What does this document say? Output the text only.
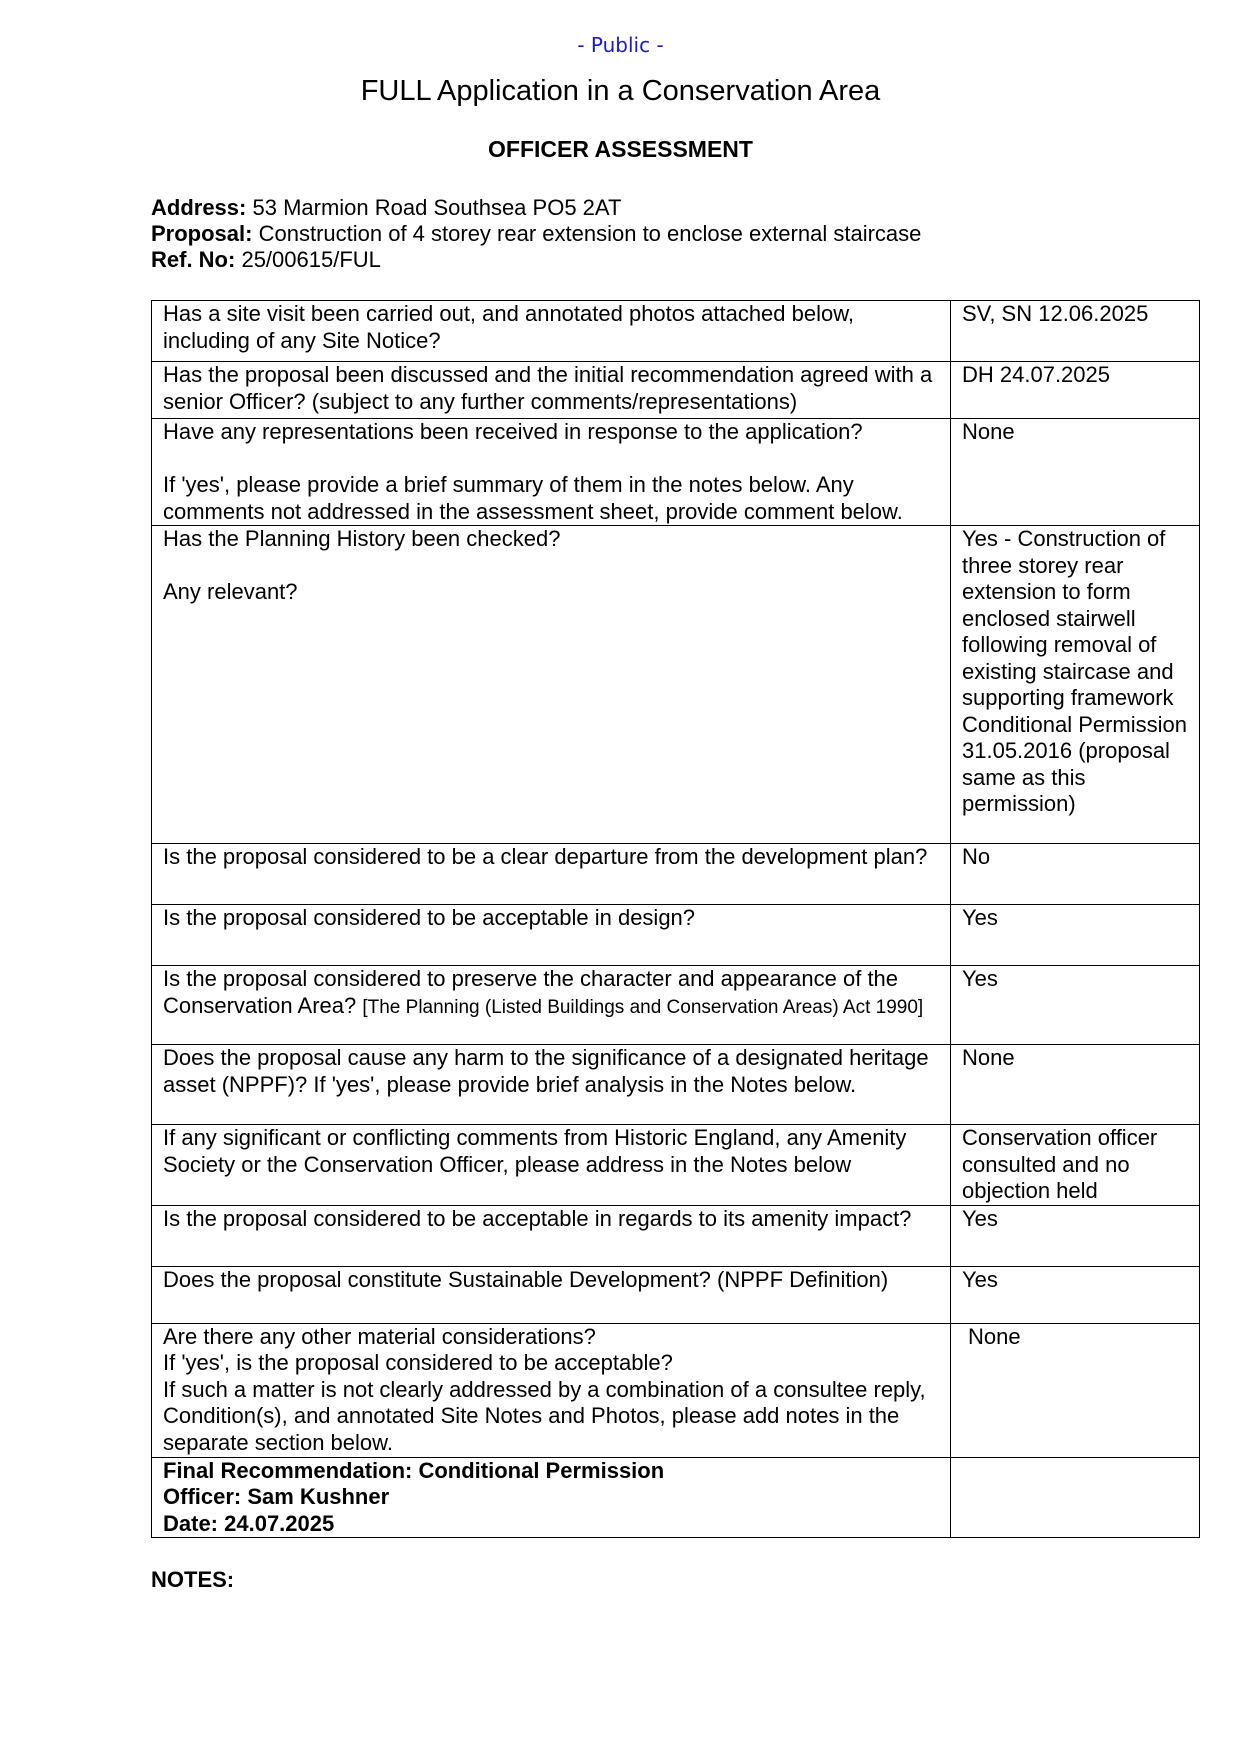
- Public -
FULL Application in a Conservation Area
OFFICER ASSESSMENT
Address: 53 Marmion Road Southsea PO5 2AT
Proposal: Construction of 4 storey rear extension to enclose external staircase
Ref. No: 25/00615/FUL
Has a site visit been carried out, and annotated photos attached below, including of any Site Notice?	SV, SN 12.06.2025
Has the proposal been discussed and the initial recommendation agreed with a senior Officer? (subject to any further comments/representations)	DH 24.07.2025
Have any representations been received in response to the application?
If 'yes', please provide a brief summary of them in the notes below. Any comments not addressed in the assessment sheet, provide comment below.	None
Has the Planning History been checked?
Any relevant?	Yes - Construction of three storey rear extension to form enclosed stairwell following removal of existing staircase and supporting framework Conditional Permission 31.05.2016 (proposal same as this permission)
Is the proposal considered to be a clear departure from the development plan?	No
Is the proposal considered to be acceptable in design?	Yes
Is the proposal considered to preserve the character and appearance of the Conservation Area? [The Planning (Listed Buildings and Conservation Areas) Act 1990]	Yes
Does the proposal cause any harm to the significance of a designated heritage asset (NPPF)? If 'yes', please provide brief analysis in the Notes below.	None
If any significant or conflicting comments from Historic England, any Amenity Society or the Conservation Officer, please address in the Notes below	Conservation officer consulted and no objection held
Is the proposal considered to be acceptable in regards to its amenity impact?	Yes
Does the proposal constitute Sustainable Development? (NPPF Definition)	Yes

Are there any other material considerations?
If 'yes', is the proposal considered to be acceptable?
If such a matter is not clearly addressed by a combination of a consultee reply, Condition(s), and annotated Site Notes and Photos, please add notes in the separate section below.	None

Final Recommendation: Conditional Permission
Officer: Sam Kushner
Date: 24.07.2025	

NOTES:
